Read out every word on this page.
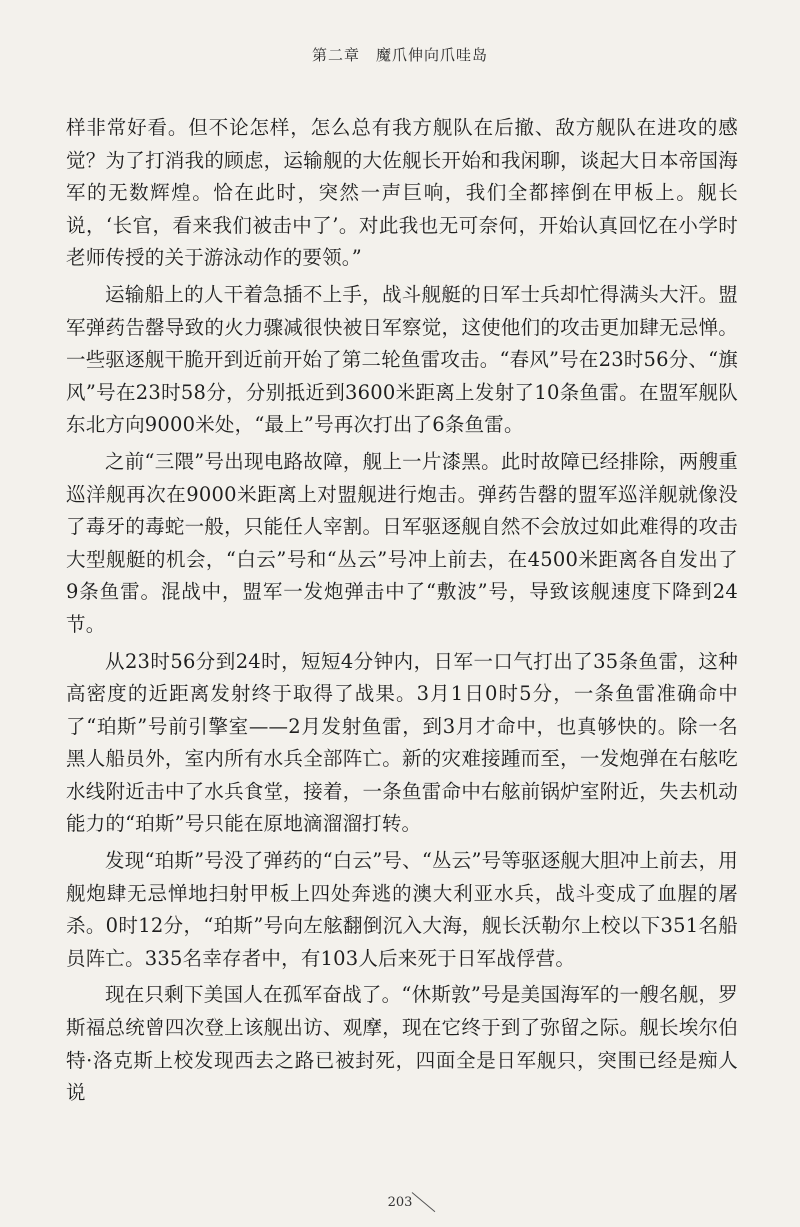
第二章　魔爪伸向爪哇岛

样非常好看。但不论怎样，怎么总有我方舰队在后撤、敌方舰队在进攻的感觉？为了打消我的顾虑，运输舰的大佐舰长开始和我闲聊，谈起大日本帝国海军的无数辉煌。恰在此时，突然一声巨响，我们全都摔倒在甲板上。舰长说，‘长官，看来我们被击中了’。对此我也无可奈何，开始认真回忆在小学时老师传授的关于游泳动作的要领。”

运输船上的人干着急插不上手，战斗舰艇的日军士兵却忙得满头大汗。盟军弹药告罄导致的火力骤减很快被日军察觉，这使他们的攻击更加肆无忌惮。一些驱逐舰干脆开到近前开始了第二轮鱼雷攻击。“春风”号在23时56分、“旗风”号在23时58分，分别抵近到3600米距离上发射了10条鱼雷。在盟军舰队东北方向9000米处，“最上”号再次打出了6条鱼雷。

之前“三隈”号出现电路故障，舰上一片漆黑。此时故障已经排除，两艘重巡洋舰再次在9000米距离上对盟舰进行炮击。弹药告罄的盟军巡洋舰就像没了毒牙的毒蛇一般，只能任人宰割。日军驱逐舰自然不会放过如此难得的攻击大型舰艇的机会，“白云”号和“丛云”号冲上前去，在4500米距离各自发出了9条鱼雷。混战中，盟军一发炮弹击中了“敷波”号，导致该舰速度下降到24节。

从23时56分到24时，短短4分钟内，日军一口气打出了35条鱼雷，这种高密度的近距离发射终于取得了战果。3月1日0时5分，一条鱼雷准确命中了“珀斯”号前引擎室——2月发射鱼雷，到3月才命中，也真够快的。除一名黑人船员外，室内所有水兵全部阵亡。新的灾难接踵而至，一发炮弹在右舷吃水线附近击中了水兵食堂，接着，一条鱼雷命中右舷前锅炉室附近，失去机动能力的“珀斯”号只能在原地滴溜溜打转。

发现“珀斯”号没了弹药的“白云”号、“丛云”号等驱逐舰大胆冲上前去，用舰炮肆无忌惮地扫射甲板上四处奔逃的澳大利亚水兵，战斗变成了血腥的屠杀。0时12分，“珀斯”号向左舷翻倒沉入大海，舰长沃勒尔上校以下351名船员阵亡。335名幸存者中，有103人后来死于日军战俘营。

现在只剩下美国人在孤军奋战了。“休斯敦”号是美国海军的一艘名舰，罗斯福总统曾四次登上该舰出访、观摩，现在它终于到了弥留之际。舰长埃尔伯特·洛克斯上校发现西去之路已被封死，四面全是日军舰只，突围已经是痴人说

203
